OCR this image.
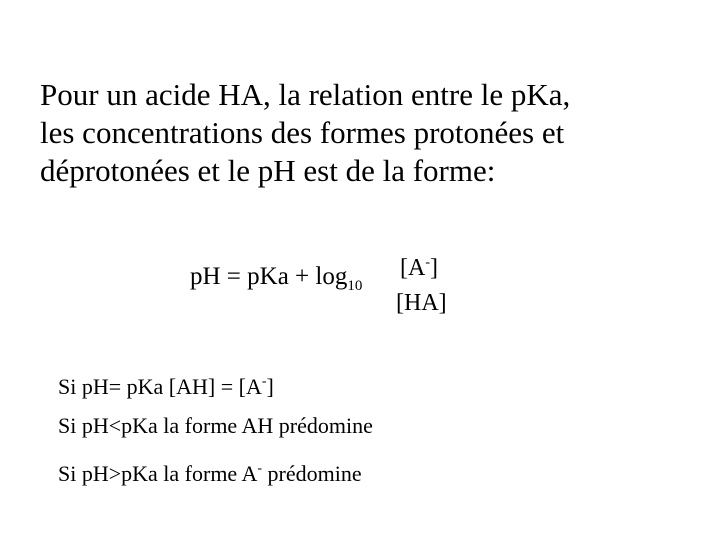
Pour un acide HA, la relation entre le pKa,
les concentrations des formes protonées et
déprotonées et le pH est de la forme:

pH = pKa + $\log_{10}$
[A-]
[HA]
Si pH= pKa [AH] = [A-]
Si pH<pKa la forme AH prédomine
Si pH>pKa la forme A- prédomine
